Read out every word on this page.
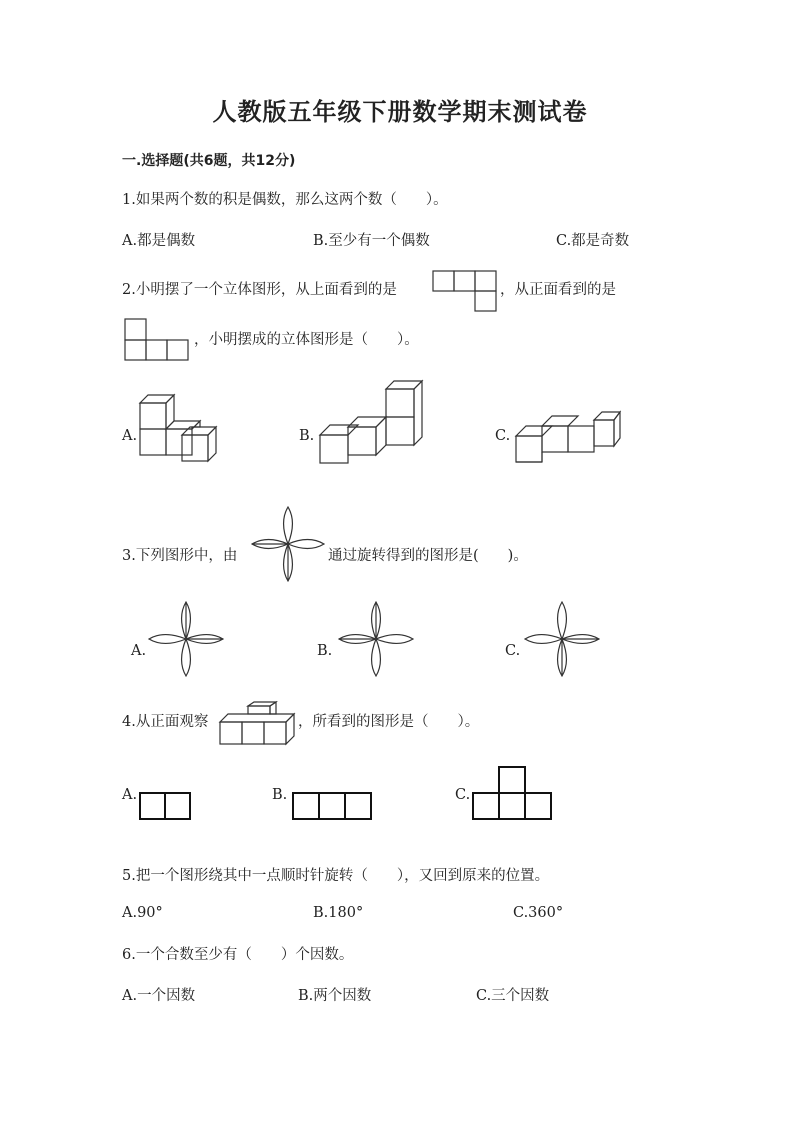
人教版五年级下册数学期末测试卷
一.选择题(共6题，共12分)
1.如果两个数的积是偶数，那么这两个数（　　）。
A.都是偶数	B.至少有一个偶数	C.都是奇数
2.小明摆了一个立体图形，从上面看到的是	，从正面看到的是
，小明摆成的立体图形是（　　）。
A.	B.	C.
3.下列图形中，由	通过旋转得到的图形是(　　)。
A.	B.	C.
4.从正面观察	，所看到的图形是（　　）。
A.	B.	C.
5.把一个图形绕其中一点顺时针旋转（　　），又回到原来的位置。
A.90°	B.180°	C.360°
6.一个合数至少有（　　）个因数。
A.一个因数	B.两个因数	C.三个因数
